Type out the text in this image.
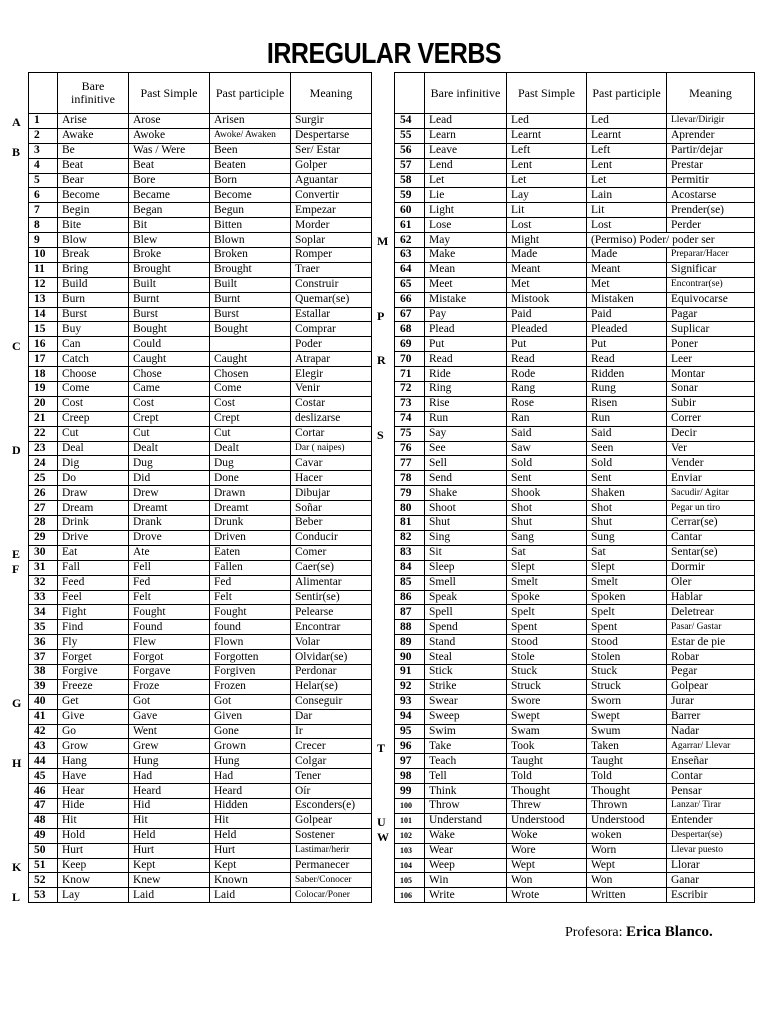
IRREGULAR VERBS
	Bare infinitive	Past Simple	Past participle	Meaning
1	Arise	Arose	Arisen	Surgir
2	Awake	Awoke	Awoke/ Awaken	Despertarse
3	Be	Was / Were	Been	Ser/ Estar
4	Beat	Beat	Beaten	Golper
5	Bear	Bore	Born	Aguantar
6	Become	Became	Become	Convertir
7	Begin	Began	Begun	Empezar
8	Bite	Bit	Bitten	Morder
9	Blow	Blew	Blown	Soplar
10	Break	Broke	Broken	Romper
11	Bring	Brought	Brought	Traer
12	Build	Built	Built	Construir
13	Burn	Burnt	Burnt	Quemar(se)
14	Burst	Burst	Burst	Estallar
15	Buy	Bought	Bought	Comprar
16	Can	Could		Poder
17	Catch	Caught	Caught	Atrapar
18	Choose	Chose	Chosen	Elegir
19	Come	Came	Come	Venir
20	Cost	Cost	Cost	Costar
21	Creep	Crept	Crept	deslizarse
22	Cut	Cut	Cut	Cortar
23	Deal	Dealt	Dealt	Dar ( naipes)
24	Dig	Dug	Dug	Cavar
25	Do	Did	Done	Hacer
26	Draw	Drew	Drawn	Dibujar
27	Dream	Dreamt	Dreamt	Soñar
28	Drink	Drank	Drunk	Beber
29	Drive	Drove	Driven	Conducir
30	Eat	Ate	Eaten	Comer
31	Fall	Fell	Fallen	Caer(se)
32	Feed	Fed	Fed	Alimentar
33	Feel	Felt	Felt	Sentir(se)
34	Fight	Fought	Fought	Pelearse
35	Find	Found	found	Encontrar
36	Fly	Flew	Flown	Volar
37	Forget	Forgot	Forgotten	Olvidar(se)
38	Forgive	Forgave	Forgiven	Perdonar
39	Freeze	Froze	Frozen	Helar(se)
40	Get	Got	Got	Conseguir
41	Give	Gave	Given	Dar
42	Go	Went	Gone	Ir
43	Grow	Grew	Grown	Crecer
44	Hang	Hung	Hung	Colgar
45	Have	Had	Had	Tener
46	Hear	Heard	Heard	Oír
47	Hide	Hid	Hidden	Esconders(e)
48	Hit	Hit	Hit	Golpear
49	Hold	Held	Held	Sostener
50	Hurt	Hurt	Hurt	Lastimar/herir
51	Keep	Kept	Kept	Permanecer
52	Know	Knew	Known	Saber/Conocer
53	Lay	Laid	Laid	Colocar/Poner
	Bare infinitive	Past Simple	Past participle	Meaning
54	Lead	Led	Led	Llevar/Dirigir
55	Learn	Learnt	Learnt	Aprender
56	Leave	Left	Left	Partir/dejar
57	Lend	Lent	Lent	Prestar
58	Let	Let	Let	Permitir
59	Lie	Lay	Lain	Acostarse
60	Light	Lit	Lit	Prender(se)
61	Lose	Lost	Lost	Perder
62	May	Might	(Permiso) Poder/ poder ser	
63	Make	Made	Made	Preparar/Hacer
64	Mean	Meant	Meant	Significar
65	Meet	Met	Met	Encontrar(se)
66	Mistake	Mistook	Mistaken	Equivocarse
67	Pay	Paid	Paid	Pagar
68	Plead	Pleaded	Pleaded	Suplicar
69	Put	Put	Put	Poner
70	Read	Read	Read	Leer
71	Ride	Rode	Ridden	Montar
72	Ring	Rang	Rung	Sonar
73	Rise	Rose	Risen	Subir
74	Run	Ran	Run	Correr
75	Say	Said	Said	Decir
76	See	Saw	Seen	Ver
77	Sell	Sold	Sold	Vender
78	Send	Sent	Sent	Enviar
79	Shake	Shook	Shaken	Sacudir/ Agitar
80	Shoot	Shot	Shot	Pegar un tiro
81	Shut	Shut	Shut	Cerrar(se)
82	Sing	Sang	Sung	Cantar
83	Sit	Sat	Sat	Sentar(se)
84	Sleep	Slept	Slept	Dormir
85	Smell	Smelt	Smelt	Oler
86	Speak	Spoke	Spoken	Hablar
87	Spell	Spelt	Spelt	Deletrear
88	Spend	Spent	Spent	Pasar/ Gastar
89	Stand	Stood	Stood	Estar de pie
90	Steal	Stole	Stolen	Robar
91	Stick	Stuck	Stuck	Pegar
92	Strike	Struck	Struck	Golpear
93	Swear	Swore	Sworn	Jurar
94	Sweep	Swept	Swept	Barrer
95	Swim	Swam	Swum	Nadar
96	Take	Took	Taken	Agarrar/ Llevar
97	Teach	Taught	Taught	Enseñar
98	Tell	Told	Told	Contar
99	Think	Thought	Thought	Pensar
100	Throw	Threw	Thrown	Lanzar/ Tirar
101	Understand	Understood	Understood	Entender
102	Wake	Woke	woken	Despertar(se)
103	Wear	Wore	Worn	Llevar puesto
104	Weep	Wept	Wept	Llorar
105	Win	Won	Won	Ganar
106	Write	Wrote	Written	Escribir
A
B
C
D
E
F
G
H
K
L
M
P
R
S
T
U
W
Profesora: Erica Blanco.
